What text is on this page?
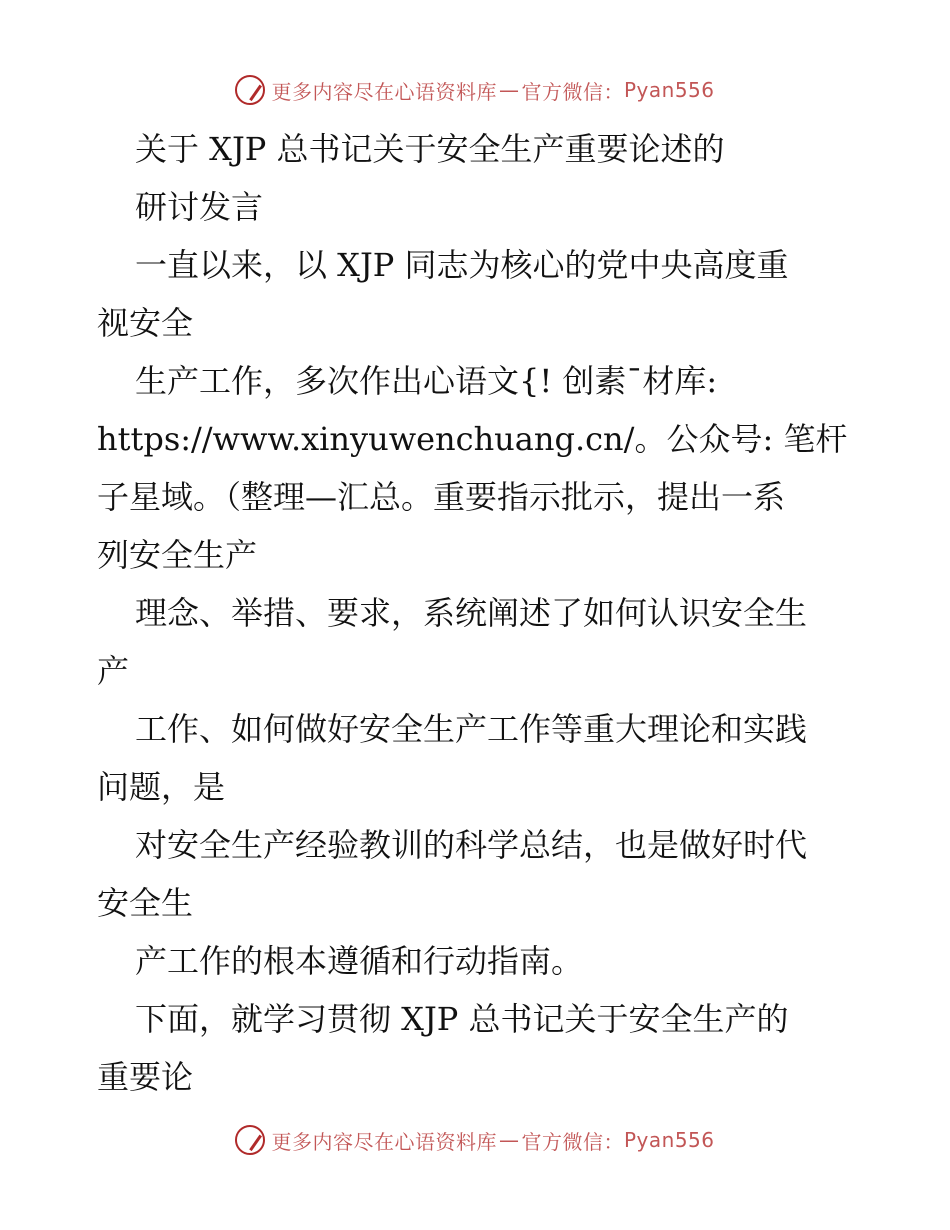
更多内容尽在心语资料库 — 官方微信： Pyan556
关于 XJP 总书记关于安全生产重要论述的
研讨发言
一直以来，以 XJP 同志为核心的党中央高度重
视安全
生产工作，多次作出心语文{! 创素¯材库:
https://www.xinyuwenchuang.cn/。公众号: 笔杆
子星域。（整理—汇总。重要指示批示，提出一系
列安全生产
理念、举措、要求，系统阐述了如何认识安全生
产
工作、如何做好安全生产工作等重大理论和实践
问题，是
对安全生产经验教训的科学总结，也是做好时代
安全生
产工作的根本遵循和行动指南。
下面，就学习贯彻 XJP 总书记关于安全生产的
重要论
更多内容尽在心语资料库 — 官方微信： Pyan556
